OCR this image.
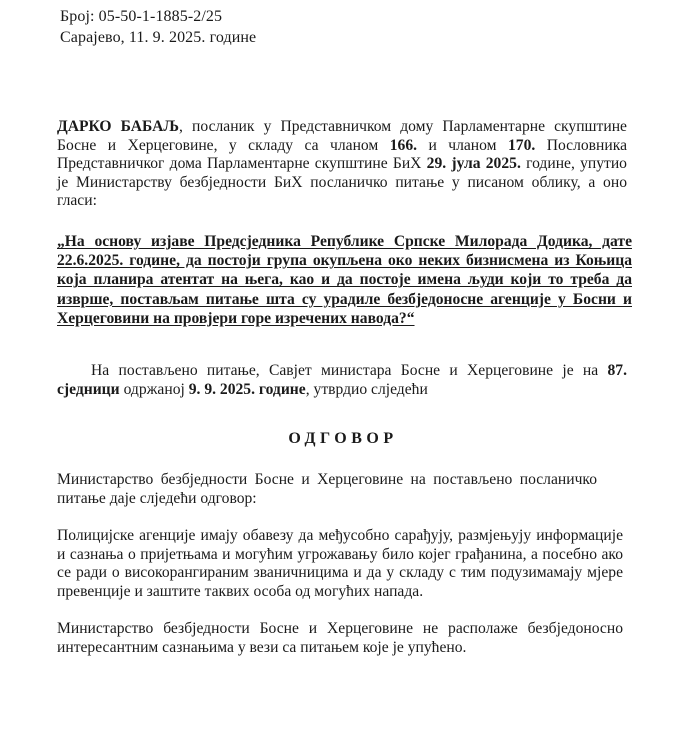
Број: 05-50-1-1885-2/25
Сарајево, 11. 9. 2025. године
ДАРКО БАБАЉ, посланик у Представничком дому Парламентарне скупштине Босне и Херцеговине, у складу са чланом 166. и чланом 170. Пословника Представничког дома Парламентарне скупштине БиХ 29. јула 2025. године, упутио је Министарству безбједности БиХ посланичко питање у писаном облику, а оно гласи:
„На основу изјаве Предсједника Републике Српске Милорада Додика, дате 22.6.2025. године, да постоји група окупљена око неких бизнисмена из Коњица која планира атентат на њега, као и да постоје имена људи који то треба да изврше, постављам питање шта су урадиле безбједоносне агенције у Босни и Херцеговини на провјери горе изречених навода?“
На постављено питање, Савјет министара Босне и Херцеговине је на 87. сједници одржаној 9. 9. 2025. године, утврдио слједећи
ОДГОВОР
Министарство безбједности Босне и Херцеговине на постављено посланичко питање даје слједећи одговор:
Полицијске агенције имају обавезу да међусобно сарађују, размјењују информације и сазнања о пријетњама и могућим угрожавању било којег грађанина, а посебно ако се ради о високорангираним званичницима и да у складу с тим подузимамају мјере превенције и заштите таквих особа од могућих напада.
Министарство безбједности Босне и Херцеговине не располаже безбједоносно интересантним сазнањима у вези са питањем које је упућено.
